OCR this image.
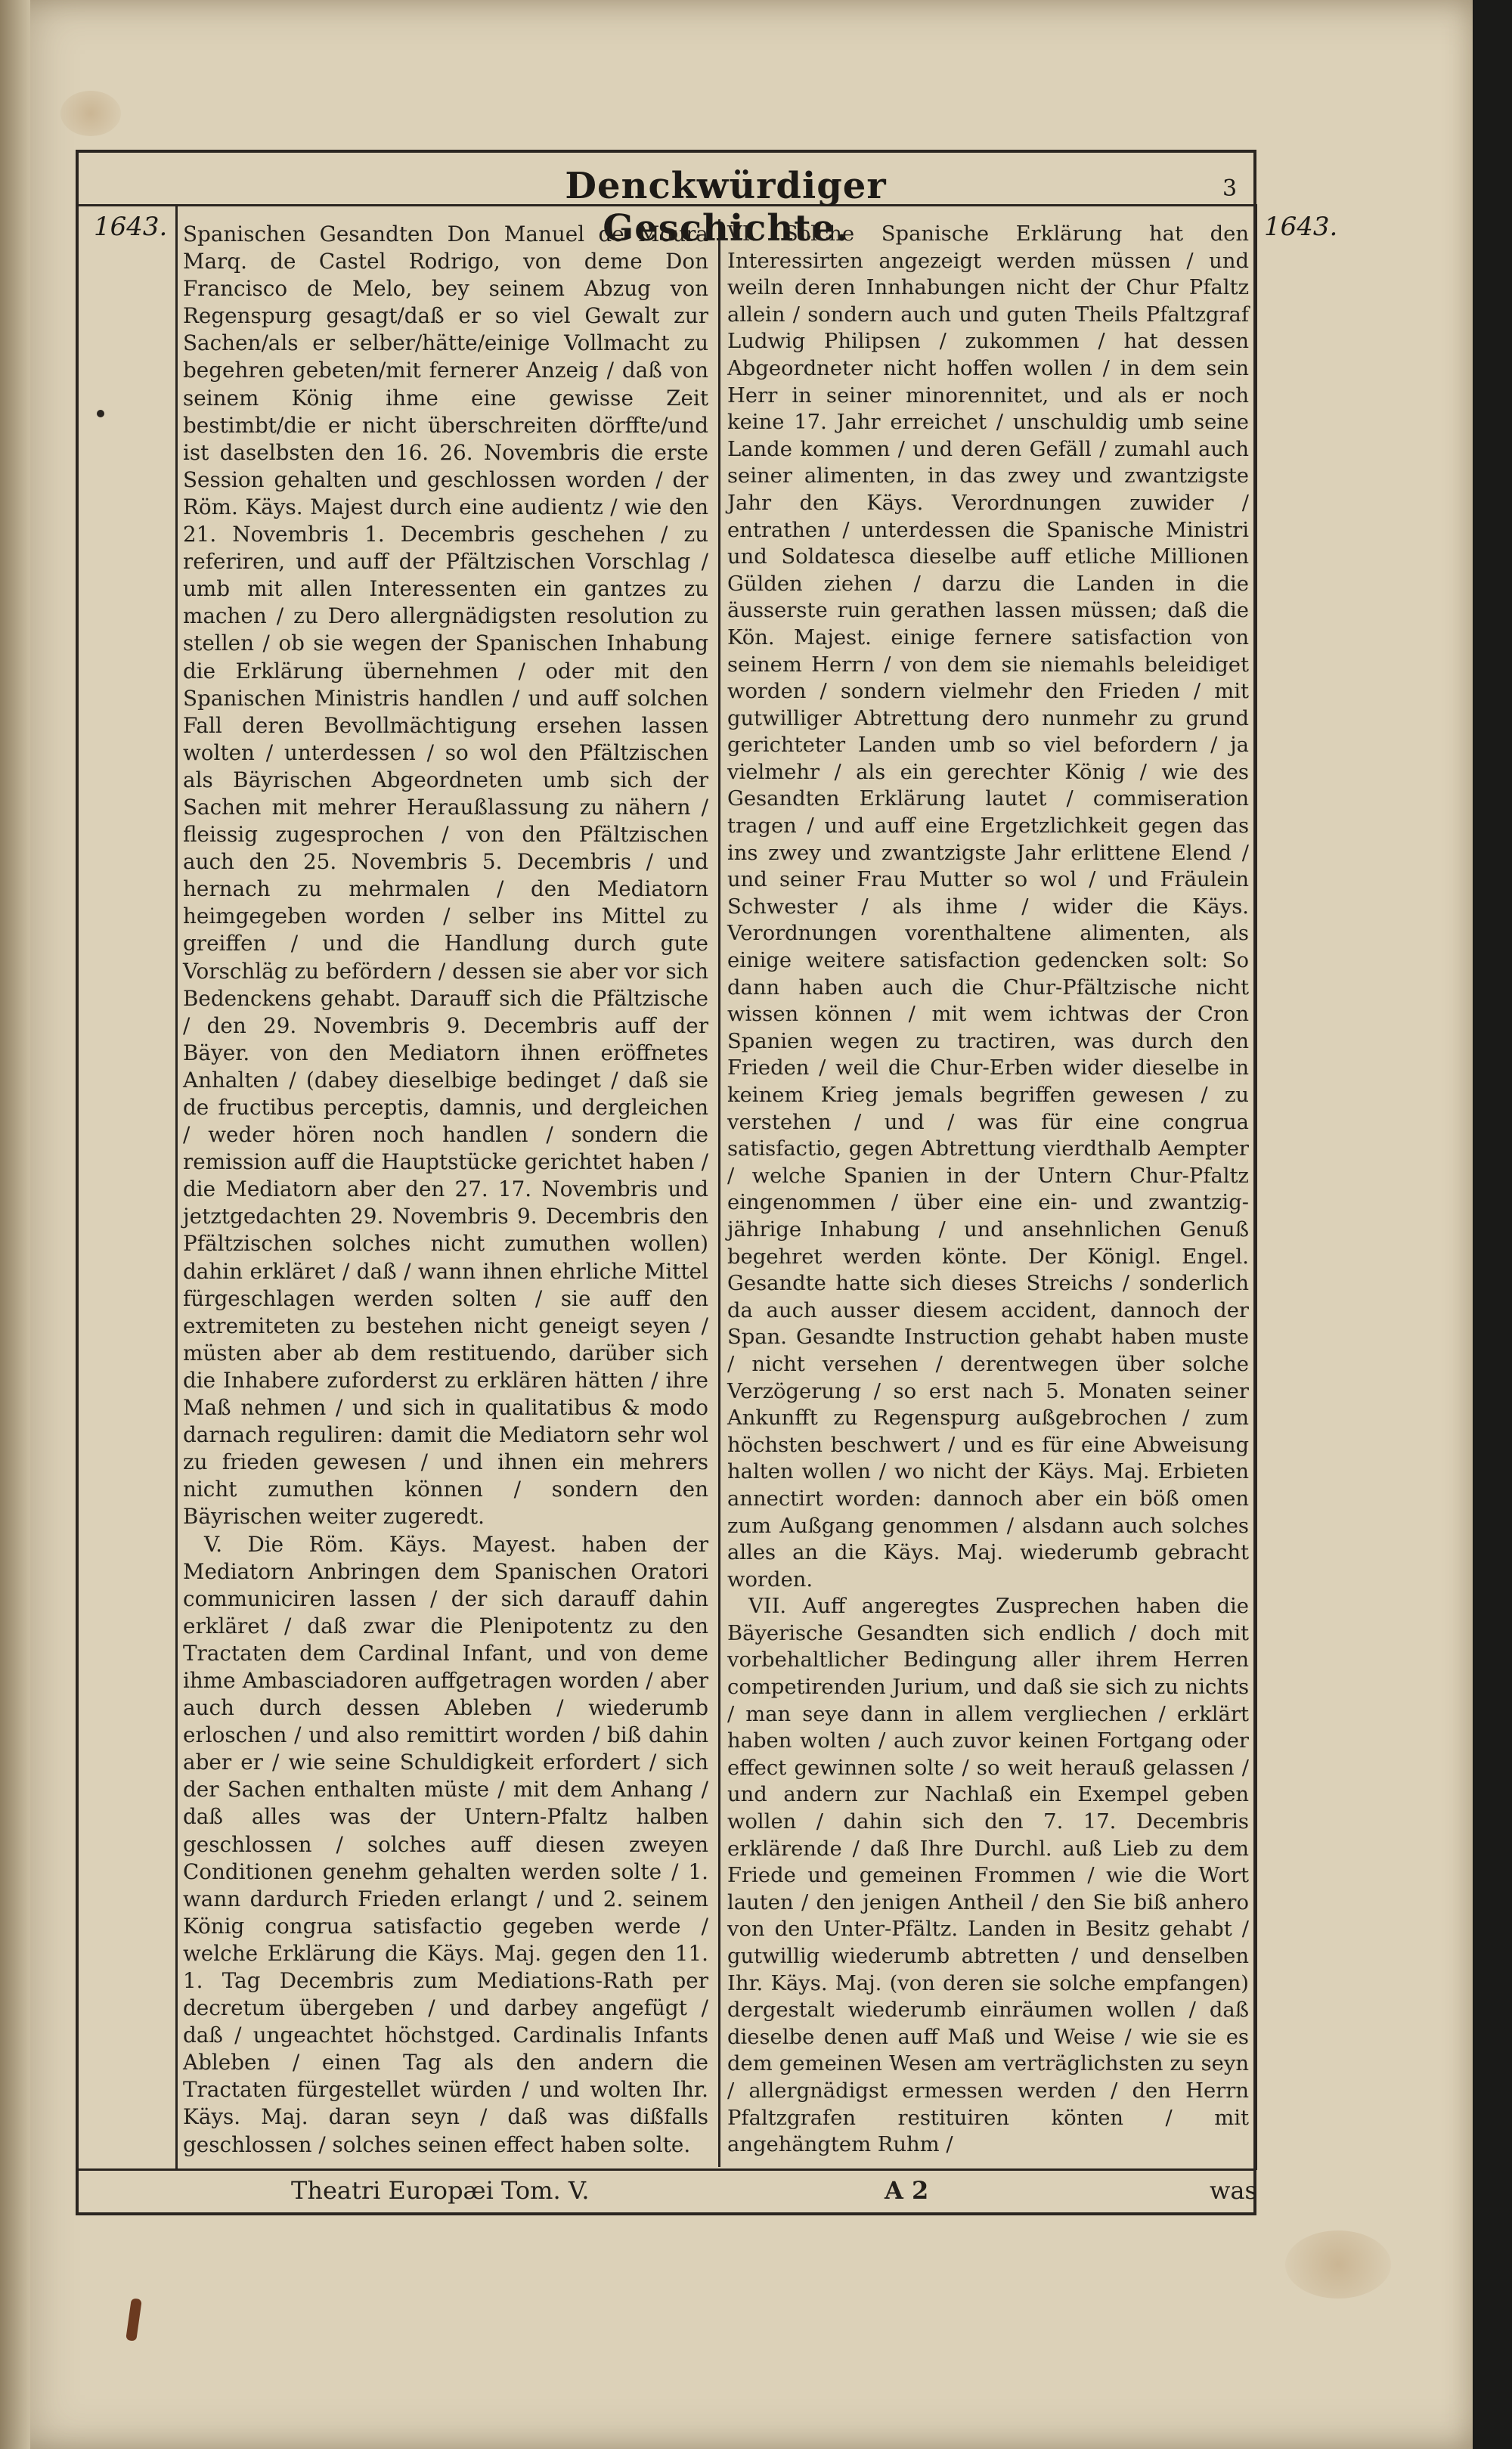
Denckwürdiger Geschichte.
3
1643.	1643.

Spanischen Gesandten Don Manuel de Moura Marq. de Castel Rodrigo, von deme Don Francisco de Melo, bey seinem Abzug von Regenspurg gesagt/daß er so viel Gewalt zur Sachen/als er selber/hätte/einige Vollmacht zu begehren gebeten/mit fernerer Anzeig / daß von seinem König ihme eine gewisse Zeit bestimbt/die er nicht überschreiten dörffte/und ist daselbsten den 16. 26. Novembris die erste Session gehalten und geschlossen worden / der Röm. Käys. Majest durch eine audientz / wie den 21. Novembris 1. Decembris geschehen / zu referiren, und auff der Pfältzischen Vorschlag / umb mit allen Interessenten ein gantzes zu machen / zu Dero allergnädigsten resolution zu stellen / ob sie wegen der Spanischen Inhabung die Erklärung übernehmen / oder mit den Spanischen Ministris handlen / und auff solchen Fall deren Bevollmächtigung ersehen lassen wolten / unterdessen / so wol den Pfältzischen als Bäyrischen Abgeordneten umb sich der Sachen mit mehrer Heraußlassung zu nähern / fleissig zugesprochen / von den Pfältzischen auch den 25. Novembris 5. Decembris / und hernach zu mehrmalen / den Mediatorn heimgegeben worden / selber ins Mittel zu greiffen / und die Handlung durch gute Vorschläg zu befördern / dessen sie aber vor sich Bedenckens gehabt. Darauff sich die Pfältzische / den 29. Novembris 9. Decembris auff der Bäyer. von den Mediatorn ihnen eröffnetes Anhalten / (dabey dieselbige bedinget / daß sie de fructibus perceptis, damnis, und dergleichen / weder hören noch handlen / sondern die remission auff die Hauptstücke gerichtet haben / die Mediatorn aber den 27. 17. Novembris und jetztgedachten 29. Novembris 9. Decembris den Pfältzischen solches nicht zumuthen wollen) dahin erkläret / daß / wann ihnen ehrliche Mittel fürgeschlagen werden solten / sie auff den extremiteten zu bestehen nicht geneigt seyen / müsten aber ab dem restituendo, darüber sich die Inhabere zuforderst zu erklären hätten / ihre Maß nehmen / und sich in qualitatibus & modo darnach reguliren: damit die Mediatorn sehr wol zu frieden gewesen / und ihnen ein mehrers nicht zumuthen können / sondern den Bäyrischen weiter zugeredt.

V. Die Röm. Käys. Mayest. haben der Mediatorn Anbringen dem Spanischen Oratori communiciren lassen / der sich darauff dahin erkläret / daß zwar die Plenipotentz zu den Tractaten dem Cardinal Infant, und von deme ihme Ambasciadoren auffgetragen worden / aber auch durch dessen Ableben / wiederumb erloschen / und also remittirt worden / biß dahin aber er / wie seine Schuldigkeit erfordert / sich der Sachen enthalten müste / mit dem Anhang / daß alles was der Untern-Pfaltz halben geschlossen / solches auff diesen zweyen Conditionen genehm gehalten werden solte / 1. wann dardurch Frieden erlangt / und 2. seinem König congrua satisfactio gegeben werde / welche Erklärung die Käys. Maj. gegen den 11. 1. Tag Decembris zum Mediations-Rath per decretum übergeben / und darbey angefügt / daß / ungeachtet höchstged. Cardinalis Infants Ableben / einen Tag als den andern die Tractaten fürgestellet würden / und wolten Ihr. Käys. Maj. daran seyn / daß was dißfalls geschlossen / solches seinen effect haben solte.

VI. Solche Spanische Erklärung hat den Interessirten angezeigt werden müssen / und weiln deren Innhabungen nicht der Chur Pfaltz allein / sondern auch und guten Theils Pfaltzgraf Ludwig Philipsen / zukommen / hat dessen Abgeordneter nicht hoffen wollen / in dem sein Herr in seiner minorennitet, und als er noch keine 17. Jahr erreichet / unschuldig umb seine Lande kommen / und deren Gefäll / zumahl auch seiner alimenten, in das zwey und zwantzigste Jahr den Käys. Verordnungen zuwider / entrathen / unterdessen die Spanische Ministri und Soldatesca dieselbe auff etliche Millionen Gülden ziehen / darzu die Landen in die äusserste ruin gerathen lassen müssen; daß die Kön. Majest. einige fernere satisfaction von seinem Herrn / von dem sie niemahls beleidiget worden / sondern vielmehr den Frieden / mit gutwilliger Abtrettung dero nunmehr zu grund gerichteter Landen umb so viel befordern / ja vielmehr / als ein gerechter König / wie des Gesandten Erklärung lautet / commiseration tragen / und auff eine Ergetzlichkeit gegen das ins zwey und zwantzigste Jahr erlittene Elend / und seiner Frau Mutter so wol / und Fräulein Schwester / als ihme / wider die Käys. Verordnungen vorenthaltene alimenten, als einige weitere satisfaction gedencken solt: So dann haben auch die Chur-Pfältzische nicht wissen können / mit wem ichtwas der Cron Spanien wegen zu tractiren, was durch den Frieden / weil die Chur-Erben wider dieselbe in keinem Krieg jemals begriffen gewesen / zu verstehen / und / was für eine congrua satisfactio, gegen Abtrettung vierdthalb Aempter / welche Spanien in der Untern Chur-Pfaltz eingenommen / über eine ein- und zwantzig-jährige Inhabung / und ansehnlichen Genuß begehret werden könte. Der Königl. Engel. Gesandte hatte sich dieses Streichs / sonderlich da auch ausser diesem accident, dannoch der Span. Gesandte Instruction gehabt haben muste / nicht versehen / derentwegen über solche Verzögerung / so erst nach 5. Monaten seiner Ankunfft zu Regenspurg außgebrochen / zum höchsten beschwert / und es für eine Abweisung halten wollen / wo nicht der Käys. Maj. Erbieten annectirt worden: dannoch aber ein böß omen zum Außgang genommen / alsdann auch solches alles an die Käys. Maj. wiederumb gebracht worden.

VII. Auff angeregtes Zusprechen haben die Bäyerische Gesandten sich endlich / doch mit vorbehaltlicher Bedingung aller ihrem Herren competirenden Jurium, und daß sie sich zu nichts / man seye dann in allem vergliechen / erklärt haben wolten / auch zuvor keinen Fortgang oder effect gewinnen solte / so weit herauß gelassen / und andern zur Nachlaß ein Exempel geben wollen / dahin sich den 7. 17. Decembris erklärende / daß Ihre Durchl. auß Lieb zu dem Friede und gemeinen Frommen / wie die Wort lauten / den jenigen Antheil / den Sie biß anhero von den Unter-Pfältz. Landen in Besitz gehabt / gutwillig wiederumb abtretten / und denselben Ihr. Käys. Maj. (von deren sie solche empfangen) dergestalt wiederumb einräumen wollen / daß dieselbe denen auff Maß und Weise / wie sie es dem gemeinen Wesen am verträglichsten zu seyn / allergnädigst ermessen werden / den Herrn Pfaltzgrafen restituiren könten / mit angehängtem Ruhm /

Theatri Europæi Tom. V.	A 2	was
